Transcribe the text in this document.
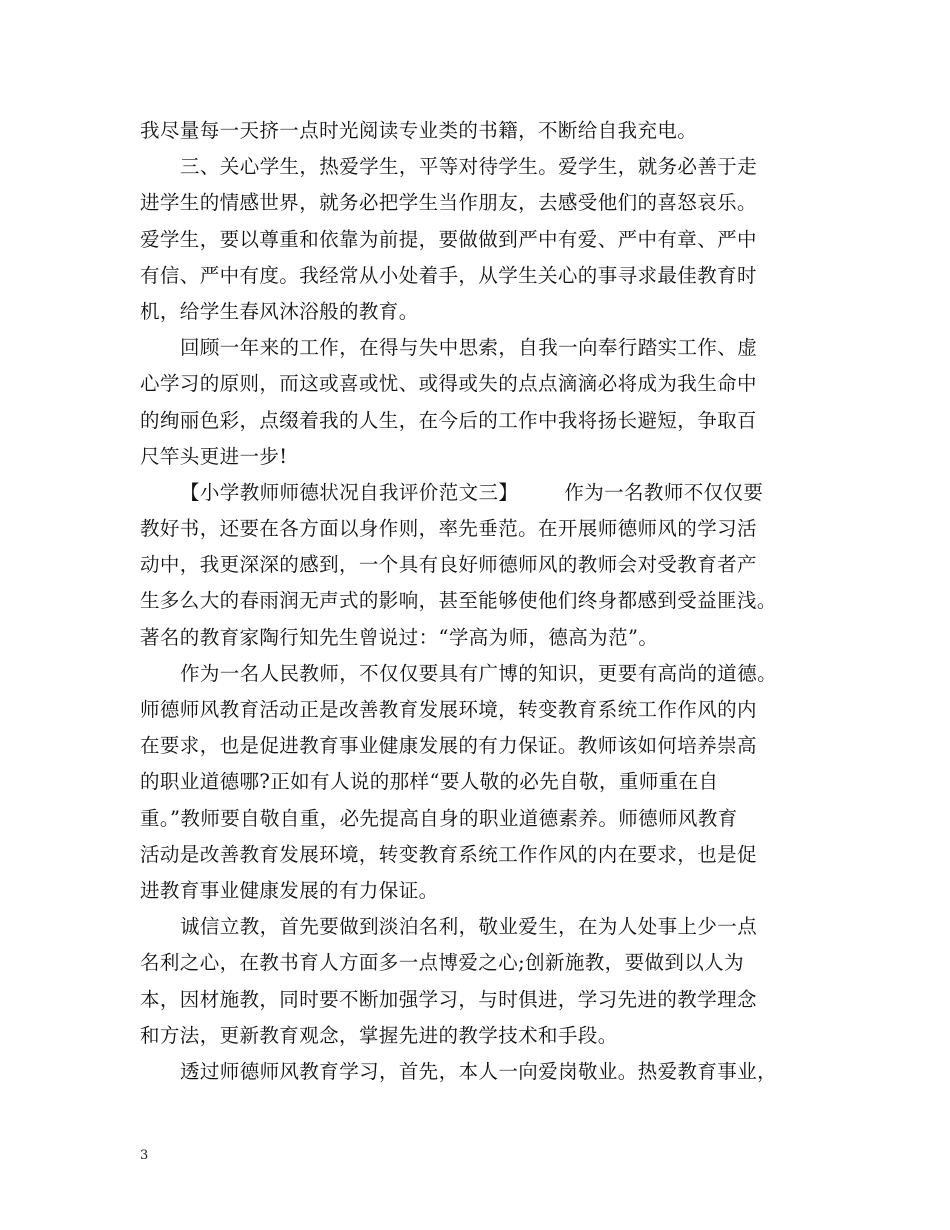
我尽量每一天挤一点时光阅读专业类的书籍，不断给自我充电。
三、关心学生，热爱学生，平等对待学生。爱学生，就务必善于走
进学生的情感世界，就务必把学生当作朋友，去感受他们的喜怒哀乐。
爱学生，要以尊重和依靠为前提，要做做到严中有爱、严中有章、严中
有信、严中有度。我经常从小处着手，从学生关心的事寻求最佳教育时
机，给学生春风沐浴般的教育。
回顾一年来的工作，在得与失中思索，自我一向奉行踏实工作、虚
心学习的原则，而这或喜或忧、或得或失的点点滴滴必将成为我生命中
的绚丽色彩，点缀着我的人生，在今后的工作中我将扬长避短，争取百
尺竿头更进一步!
【小学教师师德状况自我评价范文三】 作为一名教师不仅仅要
教好书，还要在各方面以身作则，率先垂范。在开展师德师风的学习活
动中，我更深深的感到，一个具有良好师德师风的教师会对受教育者产
生多么大的春雨润无声式的影响，甚至能够使他们终身都感到受益匪浅。
著名的教育家陶行知先生曾说过：“学高为师，德高为范”。
作为一名人民教师，不仅仅要具有广博的知识，更要有高尚的道德。
师德师风教育活动正是改善教育发展环境，转变教育系统工作作风的内
在要求，也是促进教育事业健康发展的有力保证。教师该如何培养崇高
的职业道德哪?正如有人说的那样“要人敬的必先自敬，重师重在自
重。”教师要自敬自重，必先提高自身的职业道德素养。师德师风教育
活动是改善教育发展环境，转变教育系统工作作风的内在要求，也是促
进教育事业健康发展的有力保证。
诚信立教，首先要做到淡泊名利，敬业爱生，在为人处事上少一点
名利之心，在教书育人方面多一点博爱之心;创新施教，要做到以人为
本，因材施教，同时要不断加强学习，与时俱进，学习先进的教学理念
和方法，更新教育观念，掌握先进的教学技术和手段。
透过师德师风教育学习，首先，本人一向爱岗敬业。热爱教育事业，
3
